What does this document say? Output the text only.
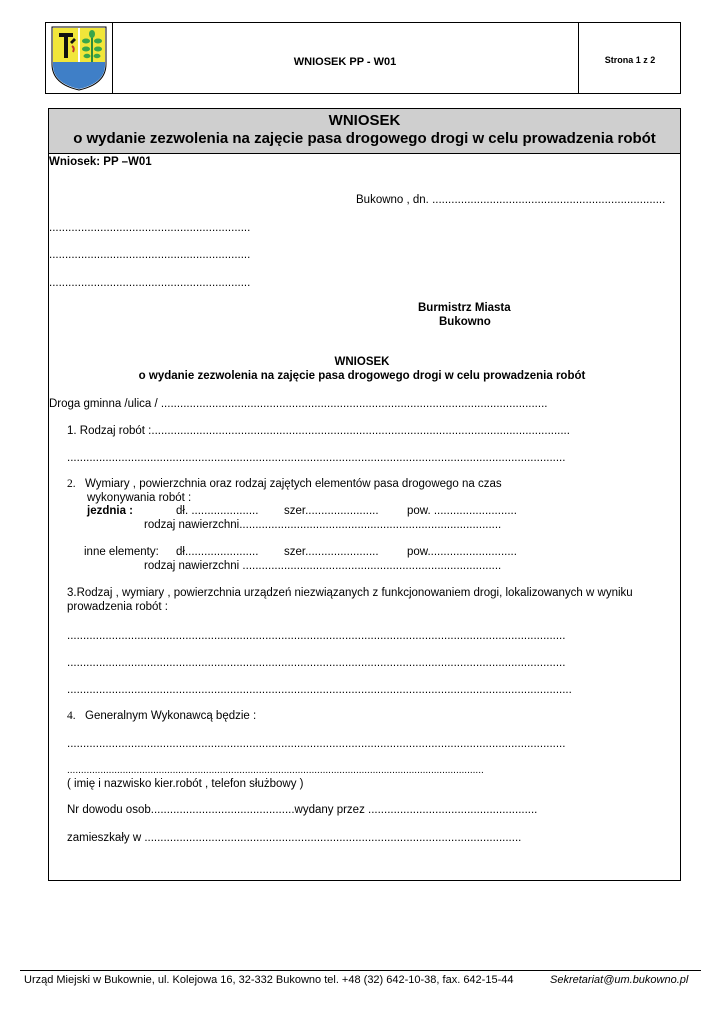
WNIOSEK PP - W01	Strona 1 z 2
WNIOSEK
o wydanie zezwolenia na zajęcie pasa drogowego drogi w celu prowadzenia robót
Wniosek: PP –W01
Bukowno , dn. .........................................................................
...............................................................
...............................................................
...............................................................
Burmistrz Miasta
Bukowno
WNIOSEK
o wydanie zezwolenia na zajęcie pasa drogowego drogi w celu prowadzenia robót
Droga gminna /ulica / .........................................................................................................................
1. Rodzaj robót :...................................................................................................................................
............................................................................................................................................................
2. Wymiary , powierzchnia oraz rodzaj zajętych elementów pasa drogowego na czas
wykonywania robót :
jezdnia :	dł. ..................... szer....................... pow. ..........................
rodzaj nawierzchni..................................................................................
inne elementy: dł....................... szer....................... pow............................
rodzaj nawierzchni .................................................................................
3.Rodzaj , wymiary , powierzchnia urządzeń niezwiązanych z funkcjonowaniem drogi, lokalizowanych w wyniku
prowadzenia robót :
............................................................................................................................................................
............................................................................................................................................................
..............................................................................................................................................................
4. Generalnym Wykonawcą będzie :
............................................................................................................................................................
......................................................................................................................................................
( imię i nazwisko kier.robót , telefon służbowy )
Nr dowodu osob.............................................wydany przez .....................................................
zamieszkały w ......................................................................................................................
Urząd Miejski w Bukownie, ul. Kolejowa 16, 32-332 Bukowno tel. +48 (32) 642-10-38, fax. 642-15-44	Sekretariat@um.bukowno.pl
